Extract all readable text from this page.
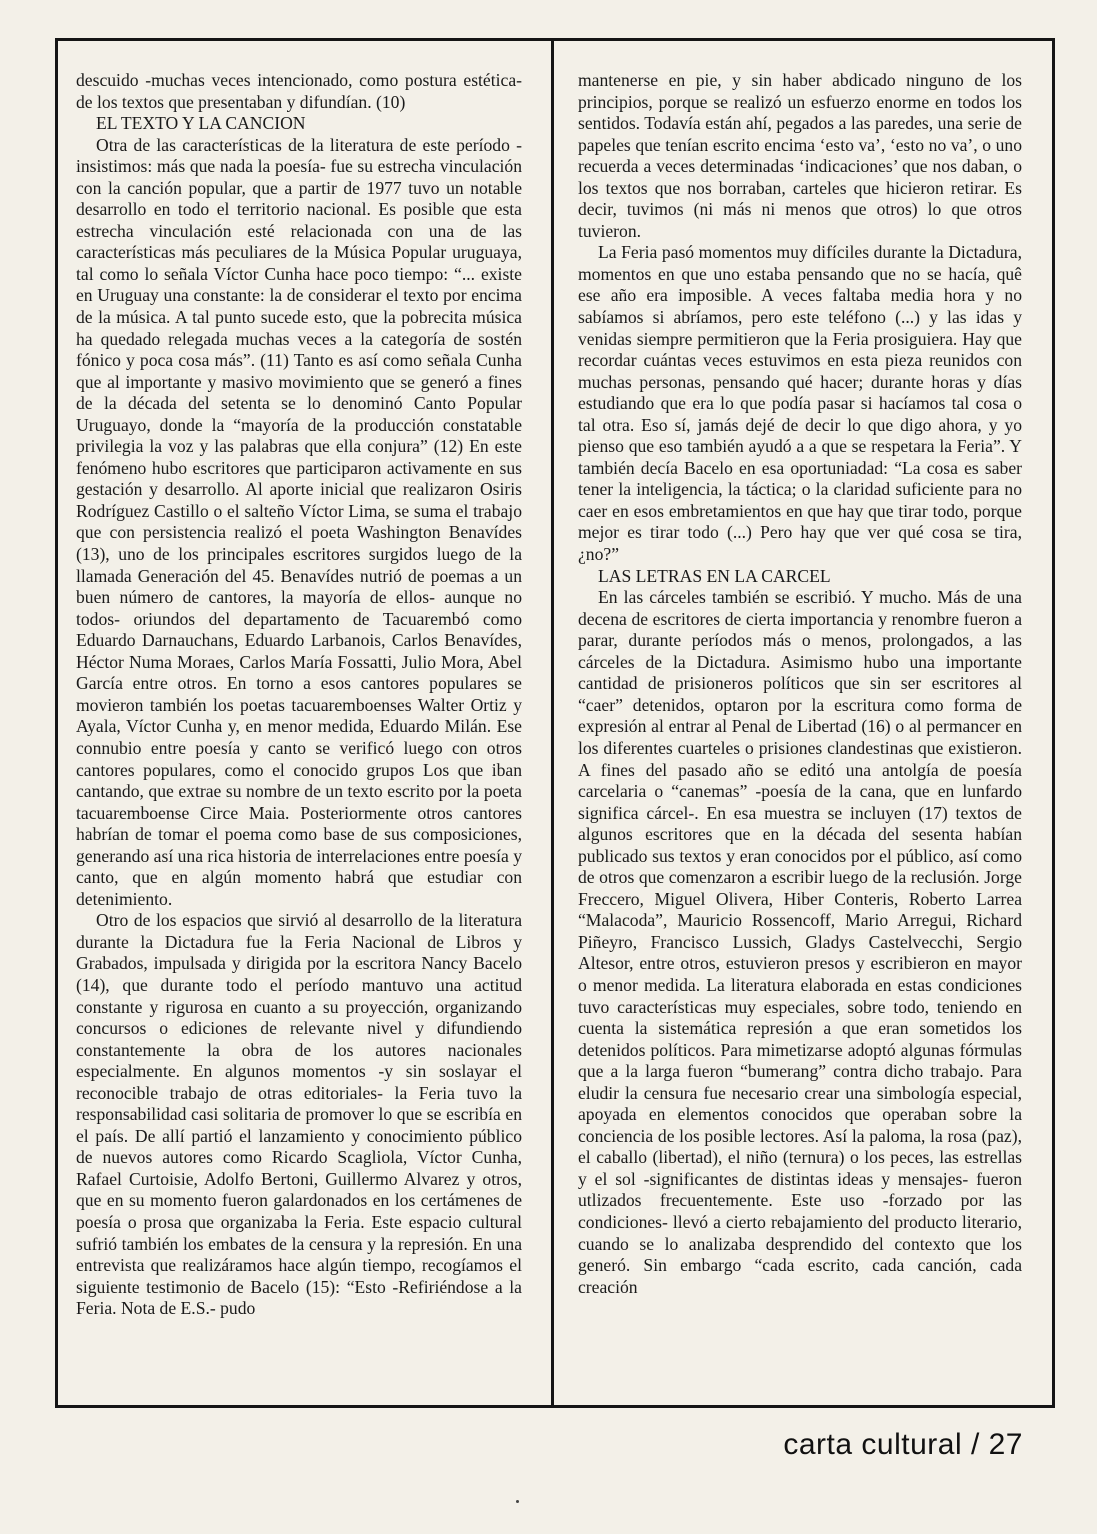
descuido -muchas veces intencionado, como postura estética- de los textos que presentaban y difundían. (10)

EL TEXTO Y LA CANCION

Otra de las características de la literatura de este período -insistimos: más que nada la poesía- fue su estrecha vinculación con la canción popular, que a partir de 1977 tuvo un notable desarrollo en todo el territorio nacional. Es posible que esta estrecha vinculación esté relacionada con una de las características más peculiares de la Música Popular uruguaya, tal como lo señala Víctor Cunha hace poco tiempo: “... existe en Uruguay una constante: la de considerar el texto por encima de la música. A tal punto sucede esto, que la pobrecita música ha quedado relegada muchas veces a la categoría de sostén fónico y poca cosa más”. (11) Tanto es así como señala Cunha que al importante y masivo movimiento que se generó a fines de la década del setenta se lo denominó Canto Popular Uruguayo, donde la “mayoría de la producción constatable privilegia la voz y las palabras que ella conjura” (12) En este fenómeno hubo escritores que participaron activamente en sus gestación y desarrollo. Al aporte inicial que realizaron Osiris Rodríguez Castillo o el salteño Víctor Lima, se suma el trabajo que con persistencia realizó el poeta Washington Benavídes (13), uno de los principales escritores surgidos luego de la llamada Generación del 45. Benavídes nutrió de poemas a un buen número de cantores, la mayoría de ellos- aunque no todos- oriundos del departamento de Tacuarembó como Eduardo Darnauchans, Eduardo Larbanois, Carlos Benavídes, Héctor Numa Moraes, Carlos María Fossatti, Julio Mora, Abel García entre otros. En torno a esos cantores populares se movieron también los poetas tacuaremboenses Walter Ortiz y Ayala, Víctor Cunha y, en menor medida, Eduardo Milán. Ese connubio entre poesía y canto se verificó luego con otros cantores populares, como el conocido grupos Los que iban cantando, que extrae su nombre de un texto escrito por la poeta tacuaremboense Circe Maia. Posteriormente otros cantores habrían de tomar el poema como base de sus composiciones, generando así una rica historia de interrelaciones entre poesía y canto, que en algún momento habrá que estudiar con detenimiento.

Otro de los espacios que sirvió al desarrollo de la literatura durante la Dictadura fue la Feria Nacional de Libros y Grabados, impulsada y dirigida por la escritora Nancy Bacelo (14), que durante todo el período mantuvo una actitud constante y rigurosa en cuanto a su proyección, organizando concursos o ediciones de relevante nivel y difundiendo constantemente la obra de los autores nacionales especialmente. En algunos momentos -y sin soslayar el reconocible trabajo de otras editoriales- la Feria tuvo la responsabilidad casi solitaria de promover lo que se escribía en el país. De allí partió el lanzamiento y conocimiento público de nuevos autores como Ricardo Scagliola, Víctor Cunha, Rafael Curtoisie, Adolfo Bertoni, Guillermo Alvarez y otros, que en su momento fueron galardonados en los certámenes de poesía o prosa que organizaba la Feria. Este espacio cultural sufrió también los embates de la censura y la represión. En una entrevista que realizáramos hace algún tiempo, recogíamos el siguiente testimonio de Bacelo (15): “Esto -Refiriéndose a la Feria. Nota de E.S.- pudo

mantenerse en pie, y sin haber abdicado ninguno de los principios, porque se realizó un esfuerzo enorme en todos los sentidos. Todavía están ahí, pegados a las paredes, una serie de papeles que tenían escrito encima ‘esto va’, ‘esto no va’, o uno recuerda a veces determinadas ‘indicaciones’ que nos daban, o los textos que nos borraban, carteles que hicieron retirar. Es decir, tuvimos (ni más ni menos que otros) lo que otros tuvieron.

La Feria pasó momentos muy difíciles durante la Dictadura, momentos en que uno estaba pensando que no se hacía, quê ese año era imposible. A veces faltaba media hora y no sabíamos si abríamos, pero este teléfono (...) y las idas y venidas siempre permitieron que la Feria prosiguiera. Hay que recordar cuántas veces estuvimos en esta pieza reunidos con muchas personas, pensando qué hacer; durante horas y días estudiando que era lo que podía pasar si hacíamos tal cosa o tal otra. Eso sí, jamás dejé de decir lo que digo ahora, y yo pienso que eso también ayudó a a que se respetara la Feria”. Y también decía Bacelo en esa oportuniadad: “La cosa es saber tener la inteligencia, la táctica; o la claridad suficiente para no caer en esos embretamientos en que hay que tirar todo, porque mejor es tirar todo (...) Pero hay que ver qué cosa se tira, ¿no?”

LAS LETRAS EN LA CARCEL

En las cárceles también se escribió. Y mucho. Más de una decena de escritores de cierta importancia y renombre fueron a parar, durante períodos más o menos, prolongados, a las cárceles de la Dictadura. Asimismo hubo una importante cantidad de prisioneros políticos que sin ser escritores al “caer” detenidos, optaron por la escritura como forma de expresión al entrar al Penal de Libertad (16) o al permancer en los diferentes cuarteles o prisiones clandestinas que existieron. A fines del pasado año se editó una antolgía de poesía carcelaria o “canemas” -poesía de la cana, que en lunfardo significa cárcel-. En esa muestra se incluyen (17) textos de algunos escritores que en la década del sesenta habían publicado sus textos y eran conocidos por el público, así como de otros que comenzaron a escribir luego de la reclusión. Jorge Freccero, Miguel Olivera, Hiber Conteris, Roberto Larrea “Malacoda”, Mauricio Rossencoff, Mario Arregui, Richard Piñeyro, Francisco Lussich, Gladys Castelvecchi, Sergio Altesor, entre otros, estuvieron presos y escribieron en mayor o menor medida. La literatura elaborada en estas condiciones tuvo características muy especiales, sobre todo, teniendo en cuenta la sistemática represión a que eran sometidos los detenidos políticos. Para mimetizarse adoptó algunas fórmulas que a la larga fueron “bumerang” contra dicho trabajo. Para eludir la censura fue necesario crear una simbología especial, apoyada en elementos conocidos que operaban sobre la conciencia de los posible lectores. Así la paloma, la rosa (paz), el caballo (libertad), el niño (ternura) o los peces, las estrellas y el sol -significantes de distintas ideas y mensajes- fueron utlizados frecuentemente. Este uso -forzado por las condiciones- llevó a cierto rebajamiento del producto literario, cuando se lo analizaba desprendido del contexto que los generó. Sin embargo “cada escrito, cada canción, cada creación

carta cultural / 27
